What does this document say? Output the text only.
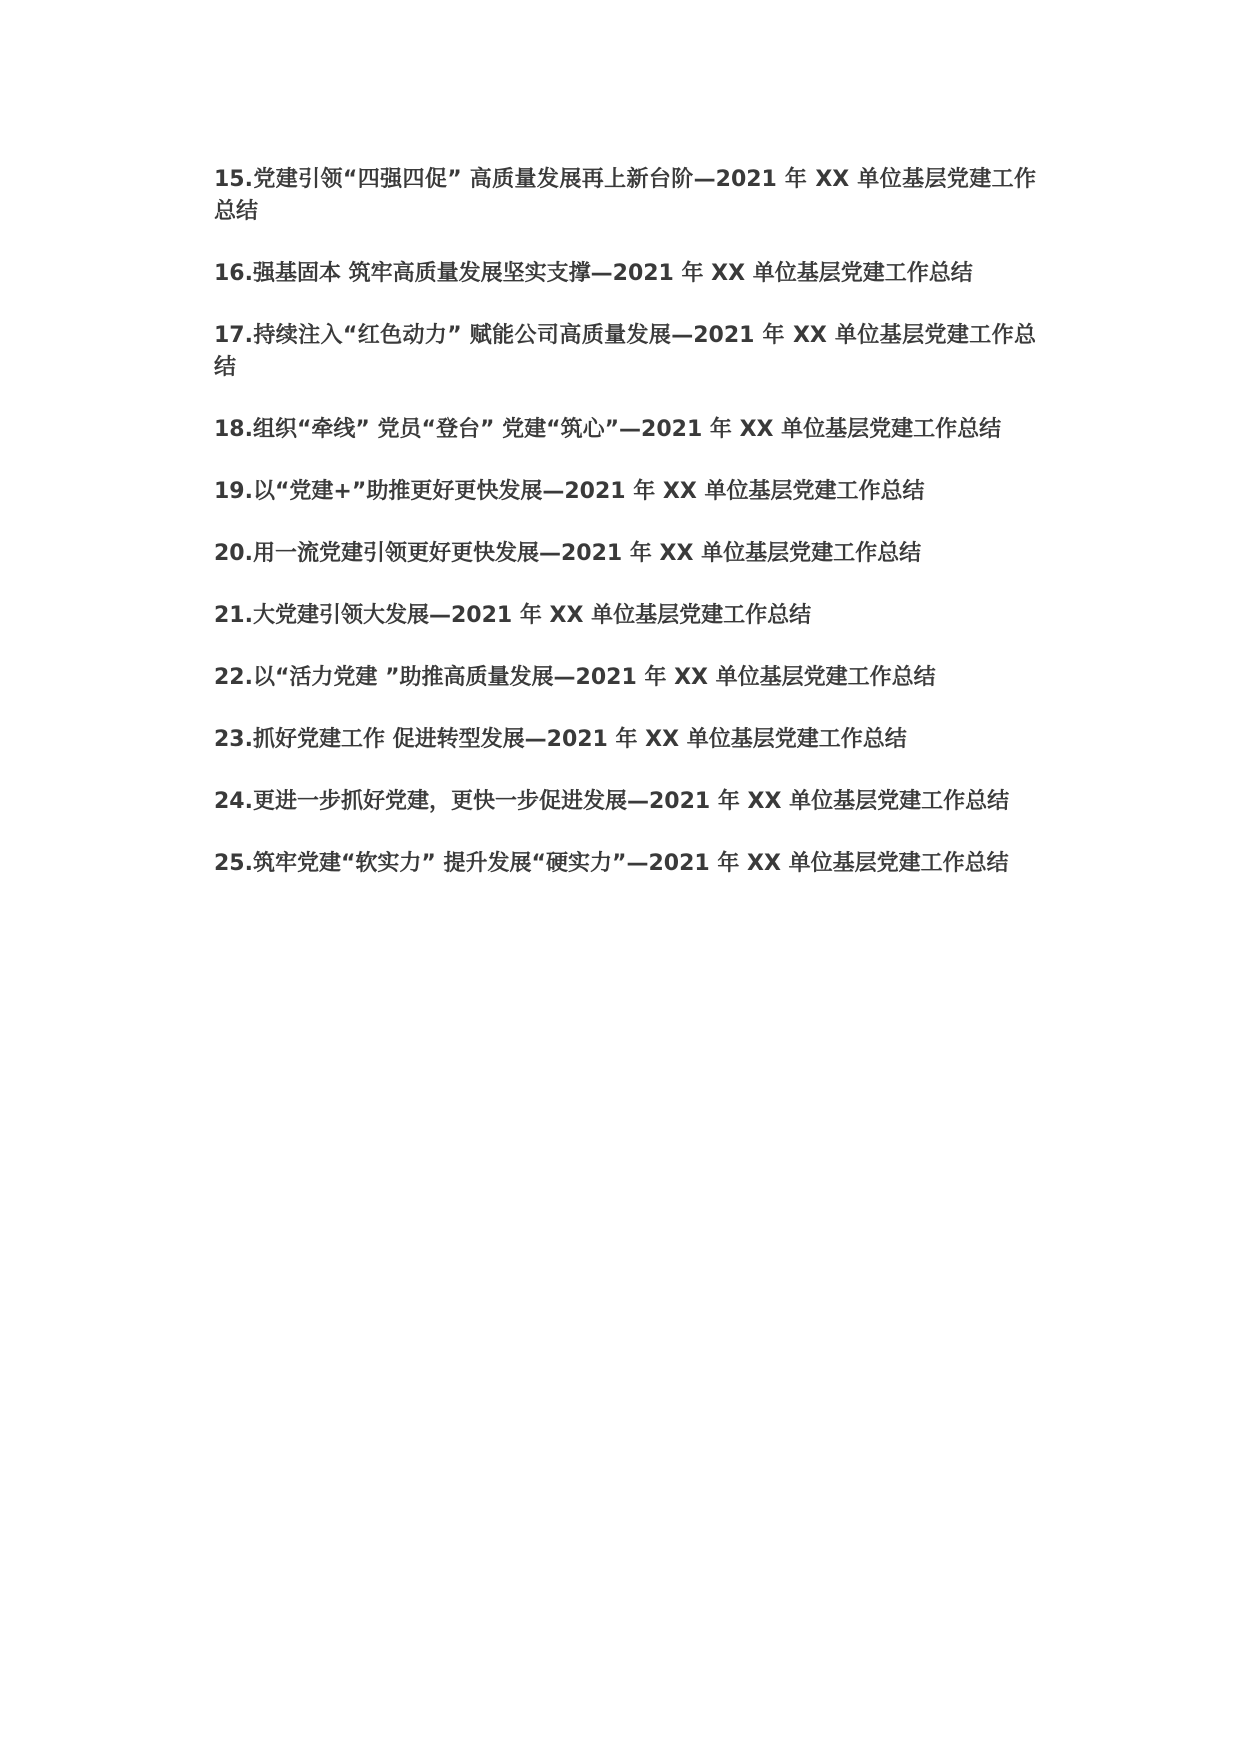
15.党建引领“四强四促” 高质量发展再上新台阶—2021 年 XX 单位基层党建工作总结
16.强基固本 筑牢高质量发展坚实支撑—2021 年 XX 单位基层党建工作总结
17.持续注入“红色动力” 赋能公司高质量发展—2021 年 XX 单位基层党建工作总结
18.组织“牵线” 党员“登台” 党建“筑心”—2021 年 XX 单位基层党建工作总结
19.以“党建+”助推更好更快发展—2021 年 XX 单位基层党建工作总结
20.用一流党建引领更好更快发展—2021 年 XX 单位基层党建工作总结
21.大党建引领大发展—2021 年 XX 单位基层党建工作总结
22.以“活力党建 ”助推高质量发展—2021 年 XX 单位基层党建工作总结
23.抓好党建工作 促进转型发展—2021 年 XX 单位基层党建工作总结
24.更进一步抓好党建，更快一步促进发展—2021 年 XX 单位基层党建工作总结
25.筑牢党建“软实力” 提升发展“硬实力”—2021 年 XX 单位基层党建工作总结
